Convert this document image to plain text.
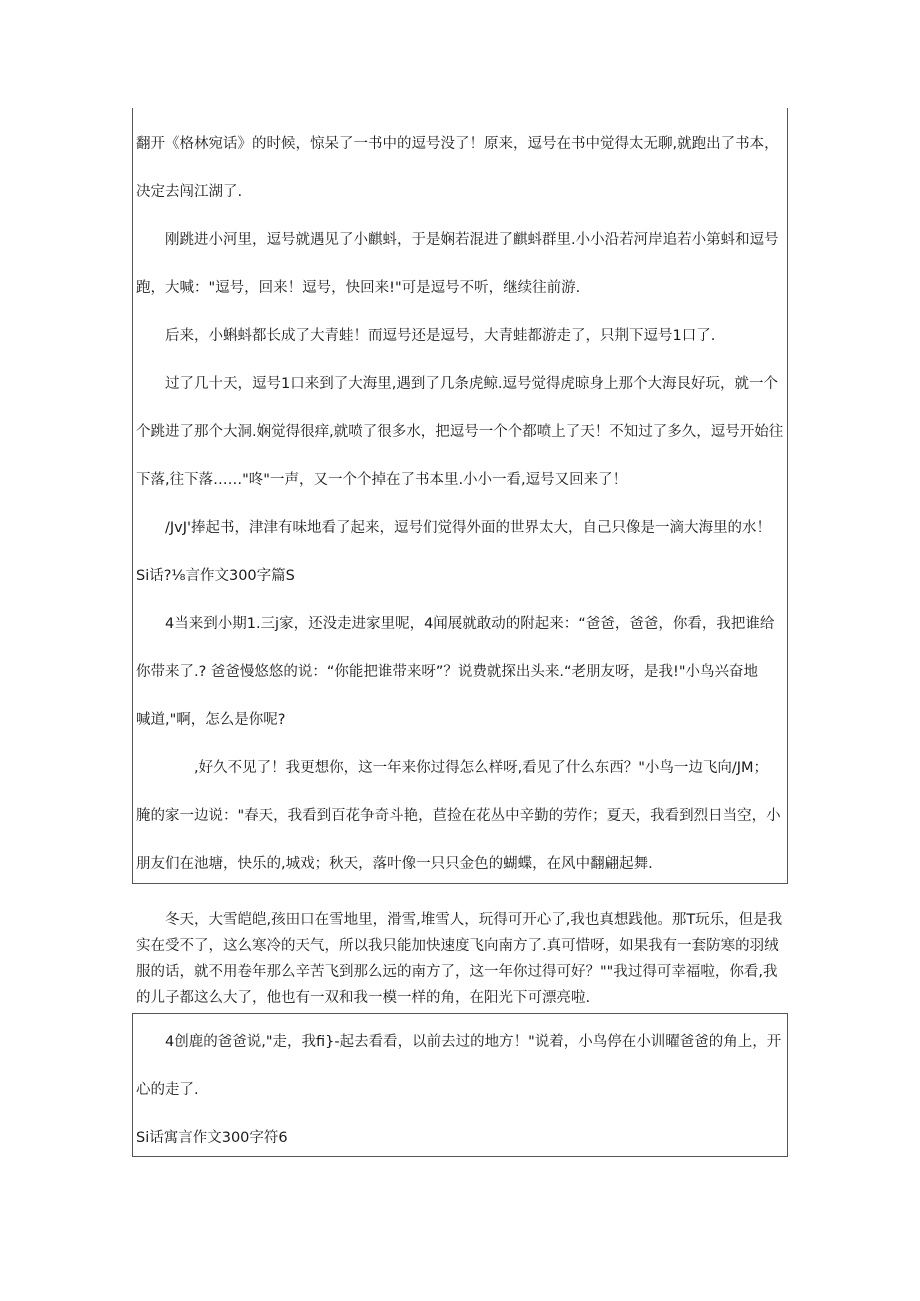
翻开《格林宛话》的时候，惊呆了一书中的逗号没了！原来，逗号在书中觉得太无聊,就跑出了书本，
决定去闯江湖了.
　　刚跳进小河里，逗号就遇见了小麒蚪，于是娴若混进了麒蚪群里.小小沿若河岸追若小第蚪和逗号
跑，大喊："逗号，回来！逗号，快回来!"可是逗号不听，继续往前游.
　　后来，小蝌蚪都长成了大青蛙！而逗号还是逗号，大青蛙都游走了，只荆下逗号1口了.
　　过了几十天，逗号1口来到了大海里,遇到了几条虎鲸.逗号觉得虎晾身上那个大海艮好玩，就一个
个跳进了那个大洞.娴觉得很痒,就喷了很多水，把逗号一个个都喷上了天！不知过了多久，逗号开始往
下落,往下落……"咚"一声，又一个个掉在了书本里.小小一看,逗号又回来了！
　　/JvJ'捧起书，津津有味地看了起来，逗号们觉得外面的世界太大，自己只像是一滴大海里的水！
Si话?⅛言作文300字篇S
　　4当来到小期1.三j家，还没走进家里呢，4闻展就敢动的附起来：“爸爸，爸爸，你看，我把谁给
你带来了.? 爸爸慢悠悠的说：“你能把谁带来呀”？说费就探出头来.“老朋友呀，是我!"小鸟兴奋地
喊道,"啊，怎么是你呢?
　　　　,好久不见了！我更想你，这一年来你过得怎么样呀,看见了什么东西？"小鸟一边飞向/JM；
腌的家一边说："春天，我看到百花争奇斗艳，苣捡在花丛中辛勤的劳作；夏天，我看到烈日当空，小
朋友们在池塘，快乐的,城戏；秋天，落叶像一只只金色的蝴蝶，在风中翻翩起舞.
　　冬天，大雪皑皑,孩田口在雪地里，滑雪,堆雪人，玩得可开心了,我也真想践他。那T玩乐，但是我
实在受不了，这么寒冷的天气，所以我只能加快速度飞向南方了.真可惜呀，如果我有一套防寒的羽绒
服的话，就不用卷年那么辛苦飞到那么远的南方了，这一年你过得可好？""我过得可幸福啦，你看,我
的儿子都这么大了，他也有一双和我一模一样的角，在阳光下可漂亮啦.
　　4创鹿的爸爸说,"走，我fi}-起去看看，以前去过的地方！"说着，小鸟停在小训曜爸爸的角上，开
心的走了.
Si话寓言作文300字符6
